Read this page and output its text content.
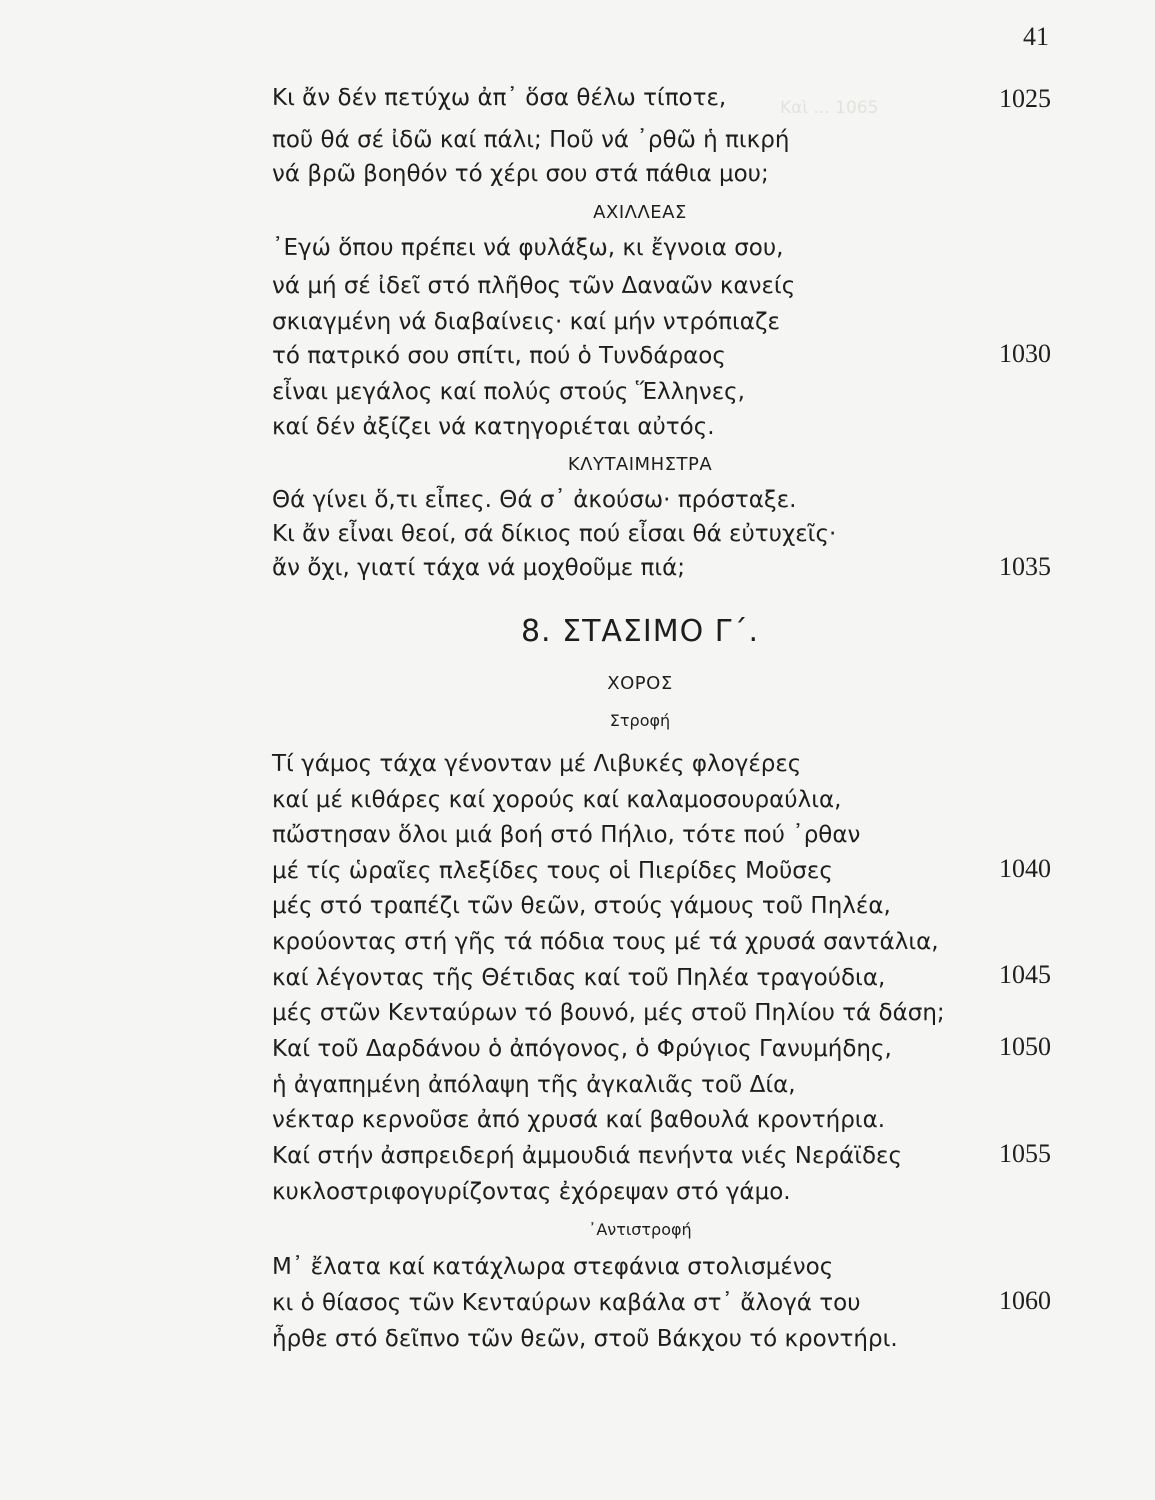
41
Καὶ ... 1065
Κι ἄν δέν πετύχω ἀπ᾽ ὅσα θέλω τίποτε,	1025
ποῦ θά σέ ἰδῶ καί πάλι; Ποῦ νά ᾽ρθῶ ἡ πικρή
νά βρῶ βοηθόν τό χέρι σου στά πάθια μου;
ΑΧΙΛΛΕΑΣ
᾽Εγώ ὅπου πρέπει νά φυλάξω, κι ἔγνοια σου,
νά μή σέ ἰδεῖ στό πλῆθος τῶν Δαναῶν κανείς
σκιαγμένη νά διαβαίνεις· καί μήν ντρόπιαζε
τό πατρικό σου σπίτι, πού ὁ Τυνδάραος	1030
εἶναι μεγάλος καί πολύς στούς Ἕλληνες,
καί δέν ἀξίζει νά κατηγοριέται αὐτός.
ΚΛΥΤΑΙΜΗΣΤΡΑ
Θά γίνει ὅ,τι εἶπες. Θά σ᾽ ἀκούσω· πρόσταξε.
Κι ἄν εἶναι θεοί, σά δίκιος πού εἶσαι θά εὐτυχεῖς·
ἄν ὄχι, γιατί τάχα νά μοχθοῦμε πιά;	1035
8. ΣΤΑΣΙΜΟ Γ΄.
ΧΟΡΟΣ
Στροφή
Τί γάμος τάχα γένονταν μέ Λιβυκές φλογέρες
καί μέ κιθάρες καί χορούς καί καλαμοσουραύλια,
πὤστησαν ὅλοι μιά βοή στό Πήλιο, τότε πού ᾽ρθαν
μέ τίς ὡραῖες πλεξίδες τους οἱ Πιερίδες Μοῦσες	1040
μές στό τραπέζι τῶν θεῶν, στούς γάμους τοῦ Πηλέα,
κρούοντας στή γῆς τά πόδια τους μέ τά χρυσά σαντάλια,
καί λέγοντας τῆς Θέτιδας καί τοῦ Πηλέα τραγούδια,	1045
μές στῶν Κενταύρων τό βουνό, μές στοῦ Πηλίου τά δάση;
Καί τοῦ Δαρδάνου ὁ ἀπόγονος, ὁ Φρύγιος Γανυμήδης,	1050
ἡ ἀγαπημένη ἀπόλαψη τῆς ἀγκαλιᾶς τοῦ Δία,
νέκταρ κερνοῦσε ἀπό χρυσά καί βαθουλά κροντήρια.
Καί στήν ἀσπρειδερή ἀμμουδιά πενήντα νιές Νεράϊδες	1055
κυκλοστριφογυρίζοντας ἐχόρεψαν στό γάμο.
᾽Αντιστροφή
Μ᾽ ἔλατα καί κατάχλωρα στεφάνια στολισμένος
κι ὁ θίασος τῶν Κενταύρων καβάλα στ᾽ ἄλογά του	1060
ἦρθε στό δεῖπνο τῶν θεῶν, στοῦ Βάκχου τό κροντήρι.
